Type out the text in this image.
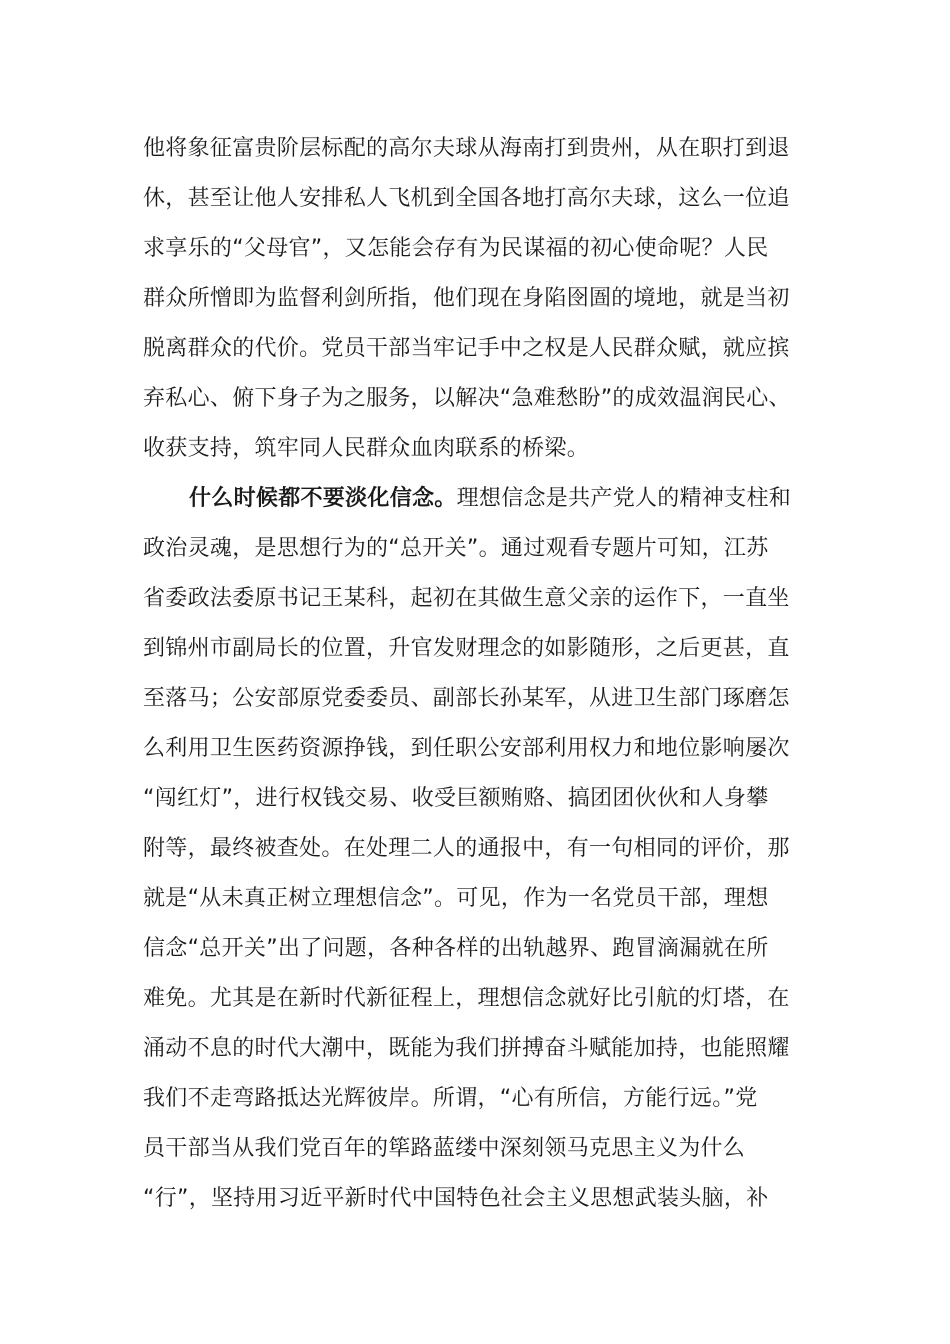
他将象征富贵阶层标配的高尔夫球从海南打到贵州，从在职打到退
休，甚至让他人安排私人飞机到全国各地打高尔夫球，这么一位追
求享乐的“父母官”，又怎能会存有为民谋福的初心使命呢？人民
群众所憎即为监督利剑所指，他们现在身陷囹圄的境地，就是当初
脱离群众的代价。党员干部当牢记手中之权是人民群众赋，就应摈
弃私心、俯下身子为之服务，以解决“急难愁盼”的成效温润民心、
收获支持，筑牢同人民群众血肉联系的桥梁。
什么时候都不要淡化信念。理想信念是共产党人的精神支柱和
政治灵魂，是思想行为的“总开关”。通过观看专题片可知，江苏
省委政法委原书记王某科，起初在其做生意父亲的运作下，一直坐
到锦州市副局长的位置，升官发财理念的如影随形，之后更甚，直
至落马；公安部原党委委员、副部长孙某军，从进卫生部门琢磨怎
么利用卫生医药资源挣钱，到任职公安部利用权力和地位影响屡次
“闯红灯”，进行权钱交易、收受巨额贿赂、搞团团伙伙和人身攀
附等，最终被查处。在处理二人的通报中，有一句相同的评价，那
就是“从未真正树立理想信念”。可见，作为一名党员干部，理想
信念“总开关”出了问题，各种各样的出轨越界、跑冒滴漏就在所
难免。尤其是在新时代新征程上，理想信念就好比引航的灯塔，在
涌动不息的时代大潮中，既能为我们拼搏奋斗赋能加持，也能照耀
我们不走弯路抵达光辉彼岸。所谓，“心有所信，方能行远。”党
员干部当从我们党百年的筚路蓝缕中深刻领马克思主义为什么
“行”，坚持用习近平新时代中国特色社会主义思想武装头脑，补
